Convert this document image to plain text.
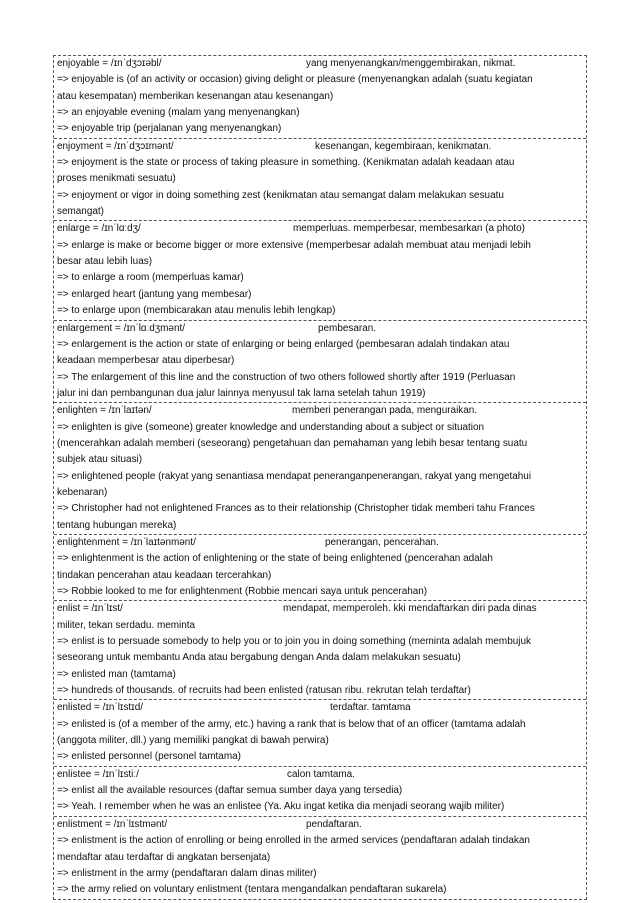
enjoyable = /ɪnˈdʒɔɪəbl/	yang menyenangkan/menggembirakan, nikmat.
=> enjoyable is (of an activity or occasion) giving delight or pleasure (menyenangkan adalah (suatu kegiatan
atau kesempatan) memberikan kesenangan atau kesenangan)
=> an enjoyable evening (malam yang menyenangkan)
=> enjoyable trip (perjalanan yang menyenangkan)
enjoyment = /ɪnˈdʒɔɪmənt/	kesenangan, kegembiraan, kenikmatan.
=> enjoyment is the state or process of taking pleasure in something. (Kenikmatan adalah keadaan atau
proses menikmati sesuatu)
=> enjoyment or vigor in doing something zest (kenikmatan atau semangat dalam melakukan sesuatu
semangat)
enlarge = /ɪnˈlɑːdʒ/	memperluas. memperbesar, membesarkan (a photo)
=> enlarge is make or become bigger or more extensive (memperbesar adalah membuat atau menjadi lebih
besar atau lebih luas)
=> to enlarge a room (memperluas kamar)
=> enlarged heart (jantung yang membesar)
=> to enlarge upon (membicarakan atau menulis lebih lengkap)
enlargement = /ɪnˈlɑːdʒmənt/	pembesaran.
=> enlargement is the action or state of enlarging or being enlarged (pembesaran adalah tindakan atau
keadaan memperbesar atau diperbesar)
=> The enlargement of this line and the construction of two others followed shortly after 1919 (Perluasan
jalur ini dan pembangunan dua jalur lainnya menyusul tak lama setelah tahun 1919)
enlighten = /ɪnˈlaɪtən/	memberi penerangan pada, menguraikan.
=> enlighten is give (someone) greater knowledge and understanding about a subject or situation
(mencerahkan adalah memberi (seseorang) pengetahuan dan pemahaman yang lebih besar tentang suatu
subjek atau situasi)
=> enlightened people (rakyat yang senantiasa mendapat peneranganpenerangan, rakyat yang mengetahui
kebenaran)
=> Christopher had not enlightened Frances as to their relationship (Christopher tidak memberi tahu Frances
tentang hubungan mereka)
enlightenment = /ɪnˈlaɪtənmənt/	penerangan, pencerahan.
=> enlightenment is the action of enlightening or the state of being enlightened (pencerahan adalah
tindakan pencerahan atau keadaan tercerahkan)
=> Robbie looked to me for enlightenment (Robbie mencari saya untuk pencerahan)
enlist = /ɪnˈlɪst/	mendapat, memperoleh. kki mendaftarkan diri pada dinas
militer, tekan serdadu. meminta
=> enlist is to persuade somebody to help you or to join you in doing something (meminta adalah membujuk
seseorang untuk membantu Anda atau bergabung dengan Anda dalam melakukan sesuatu)
=> enlisted man (tamtama)
=> hundreds of thousands. of recruits had been enlisted (ratusan ribu. rekrutan telah terdaftar)
enlisted = /ɪnˈlɪstɪd/	terdaftar. tamtama
=> enlisted is (of a member of the army, etc.) having a rank that is below that of an officer (tamtama adalah
(anggota militer, dll.) yang memiliki pangkat di bawah perwira)
=> enlisted personnel (personel tamtama)
enlistee = /ɪnˈlɪstiː/	calon tamtama.
=> enlist all the available resources (daftar semua sumber daya yang tersedia)
=> Yeah. I remember when he was an enlistee (Ya. Aku ingat ketika dia menjadi seorang wajib militer)
enlistment = /ɪnˈlɪstmənt/	pendaftaran.
=> enlistment is the action of enrolling or being enrolled in the armed services (pendaftaran adalah tindakan
mendaftar atau terdaftar di angkatan bersenjata)
=> enlistment in the army (pendaftaran dalam dinas militer)
=> the army relied on voluntary enlistment (tentara mengandalkan pendaftaran sukarela)
